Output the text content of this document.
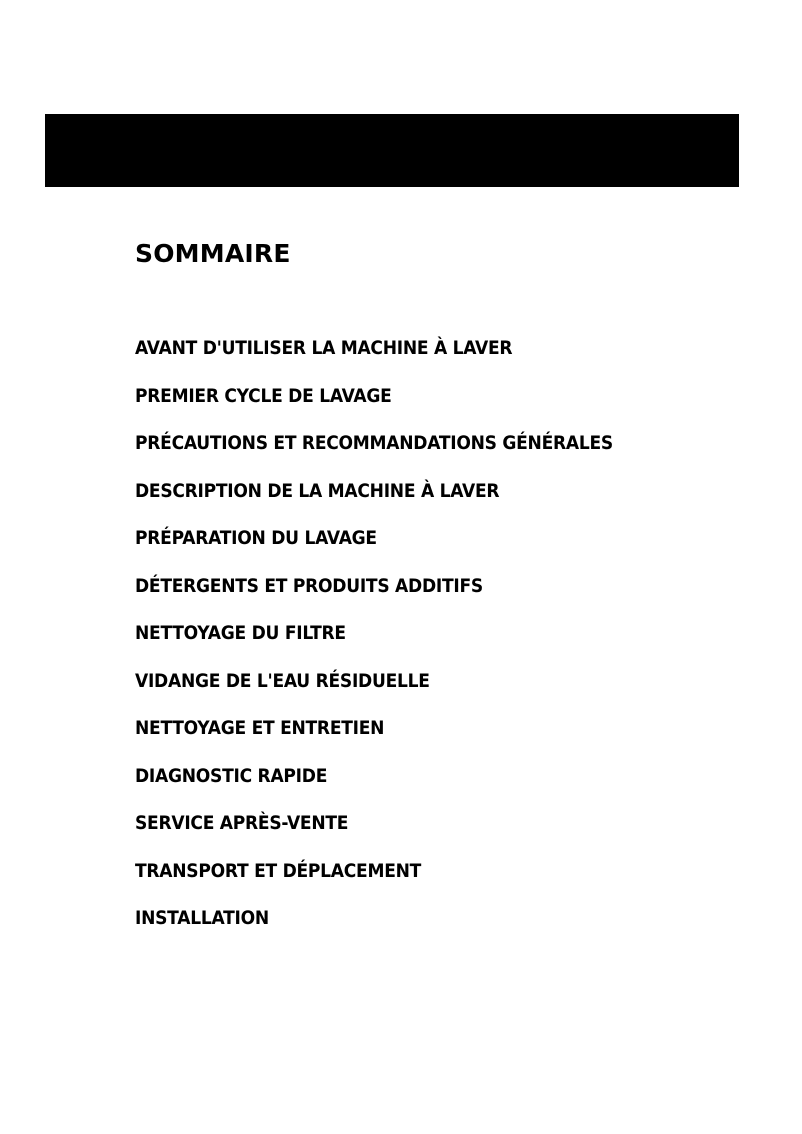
SOMMAIRE
AVANT D'UTILISER LA MACHINE À LAVER
PREMIER CYCLE DE LAVAGE
PRÉCAUTIONS ET RECOMMANDATIONS GÉNÉRALES
DESCRIPTION DE LA MACHINE À LAVER
PRÉPARATION DU LAVAGE
DÉTERGENTS ET PRODUITS ADDITIFS
NETTOYAGE DU FILTRE
VIDANGE DE L'EAU RÉSIDUELLE
NETTOYAGE ET ENTRETIEN
DIAGNOSTIC RAPIDE
SERVICE APRÈS-VENTE
TRANSPORT ET DÉPLACEMENT
INSTALLATION
